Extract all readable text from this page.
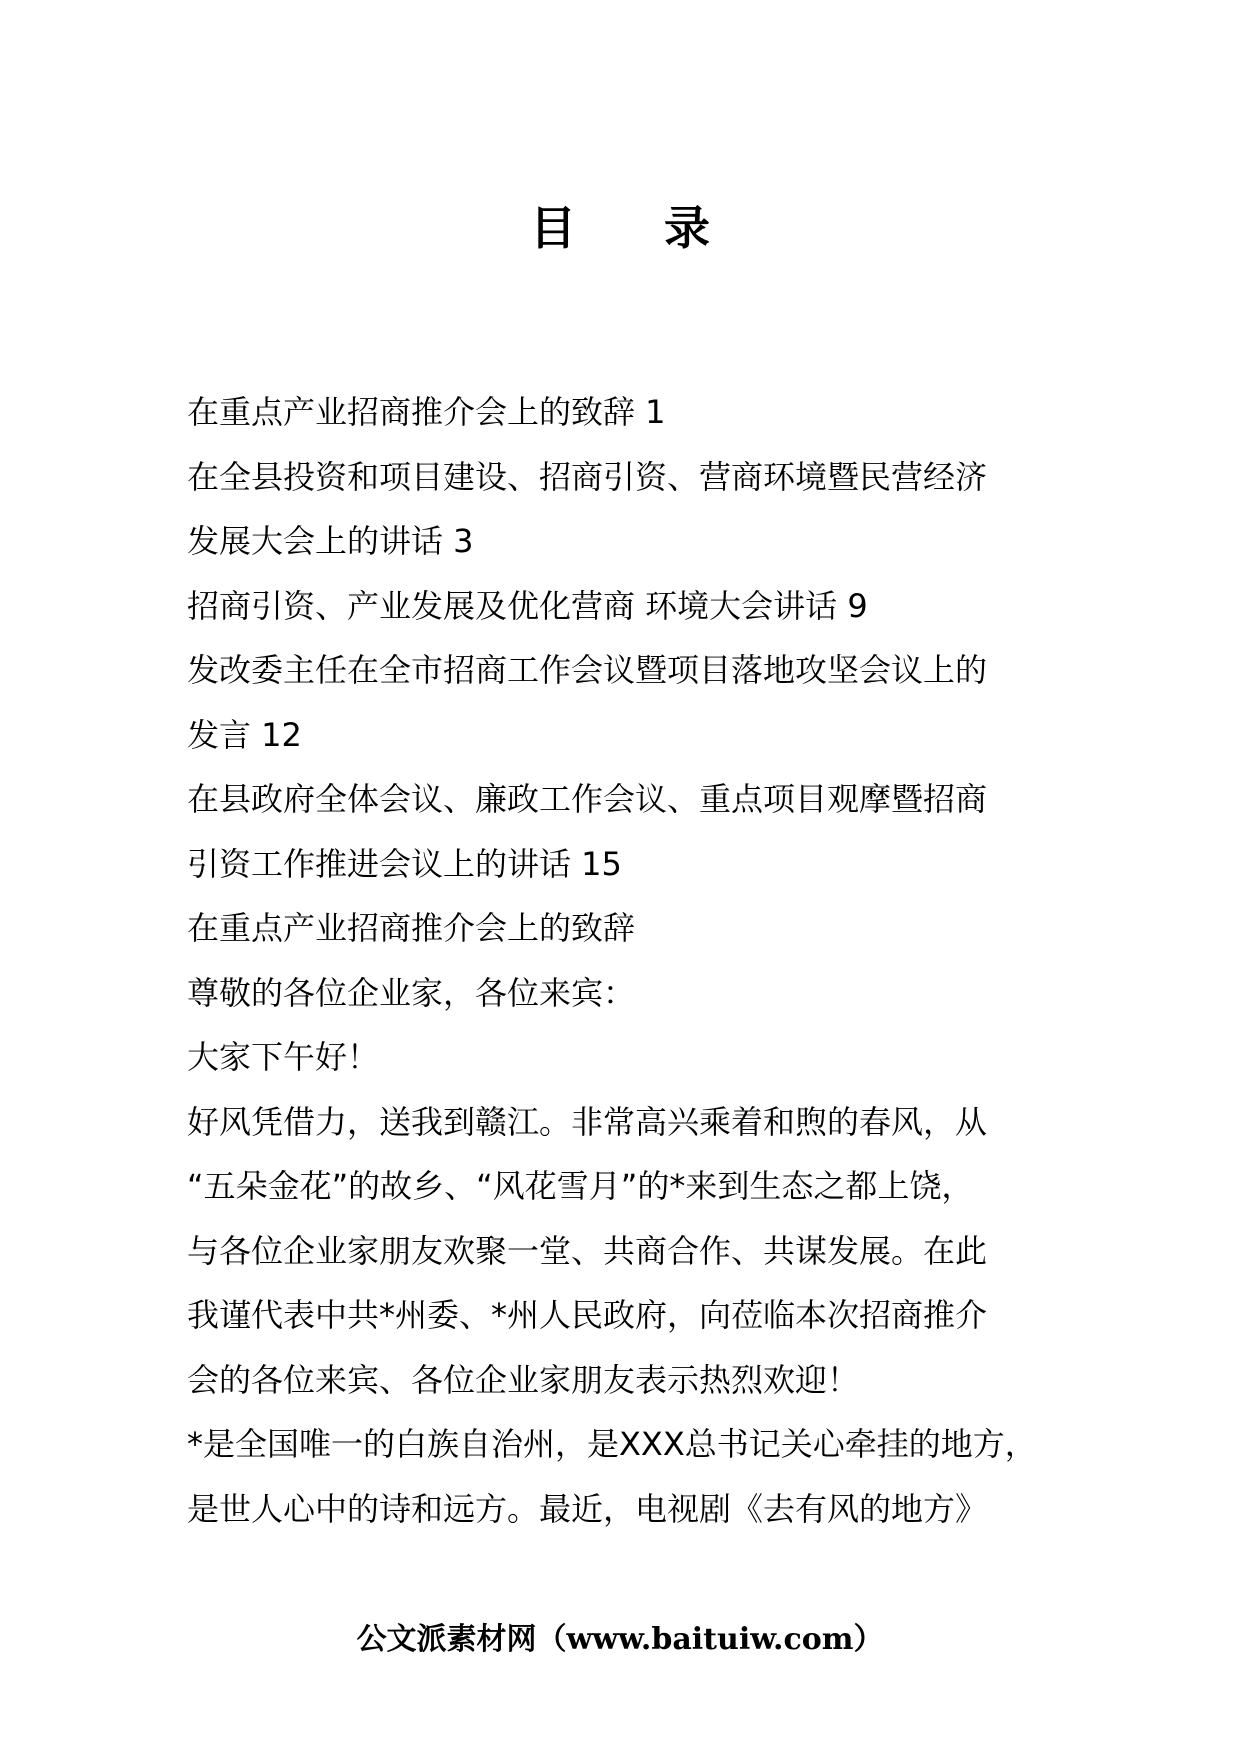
目 录
在重点产业招商推介会上的致辞 1
在全县投资和项目建设、招商引资、营商环境暨民营经济
发展大会上的讲话 3
招商引资、产业发展及优化营商 环境大会讲话 9
发改委主任在全市招商工作会议暨项目落地攻坚会议上的
发言 12
在县政府全体会议、廉政工作会议、重点项目观摩暨招商
引资工作推进会议上的讲话 15

在重点产业招商推介会上的致辞

尊敬的各位企业家，各位来宾：

大家下午好！

好风凭借力，送我到赣江。非常高兴乘着和煦的春风，从

“五朵金花”的故乡、“风花雪月”的*来到生态之都上饶，

与各位企业家朋友欢聚一堂、共商合作、共谋发展。在此

我谨代表中共*州委、*州人民政府，向莅临本次招商推介

会的各位来宾、各位企业家朋友表示热烈欢迎！

*是全国唯一的白族自治州，是XXX总书记关心牵挂的地方，

是世人心中的诗和远方。最近，电视剧《去有风的地方》

公文派素材网（www.baituiw.com）
